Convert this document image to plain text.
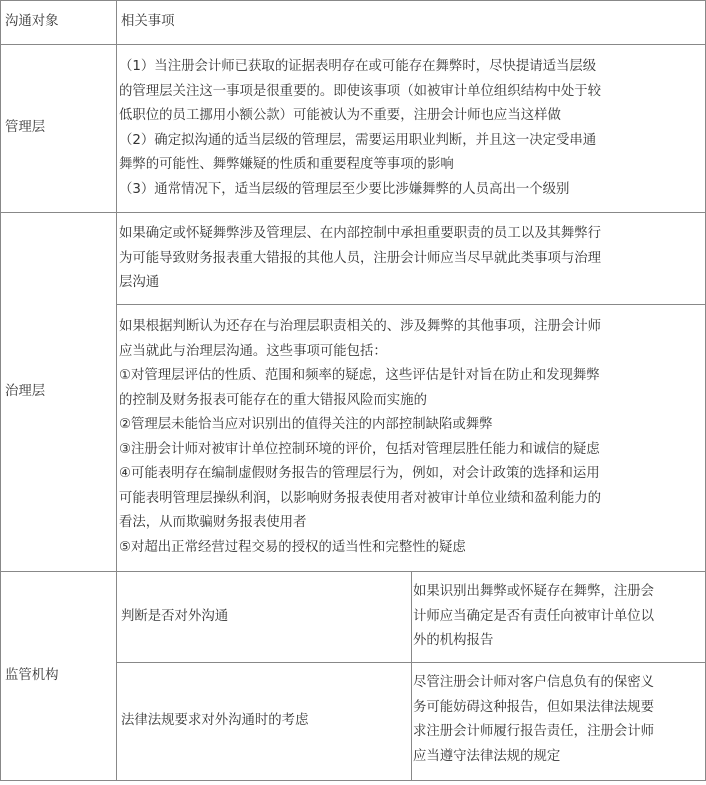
沟通对象	相关事项
管理层
（1）当注册会计师已获取的证据表明存在或可能存在舞弊时，尽快提请适当层级
的管理层关注这一事项是很重要的。即使该事项（如被审计单位组织结构中处于较
低职位的员工挪用小额公款）可能被认为不重要，注册会计师也应当这样做
（2）确定拟沟通的适当层级的管理层，需要运用职业判断，并且这一决定受串通
舞弊的可能性、舞弊嫌疑的性质和重要程度等事项的影响
（3）通常情况下，适当层级的管理层至少要比涉嫌舞弊的人员高出一个级别
治理层
如果确定或怀疑舞弊涉及管理层、在内部控制中承担重要职责的员工以及其舞弊行
为可能导致财务报表重大错报的其他人员，注册会计师应当尽早就此类事项与治理
层沟通
如果根据判断认为还存在与治理层职责相关的、涉及舞弊的其他事项，注册会计师
应当就此与治理层沟通。这些事项可能包括：
①对管理层评估的性质、范围和频率的疑虑，这些评估是针对旨在防止和发现舞弊
的控制及财务报表可能存在的重大错报风险而实施的
②管理层未能恰当应对识别出的值得关注的内部控制缺陷或舞弊
③注册会计师对被审计单位控制环境的评价，包括对管理层胜任能力和诚信的疑虑
④可能表明存在编制虚假财务报告的管理层行为，例如，对会计政策的选择和运用
可能表明管理层操纵利润，以影响财务报表使用者对被审计单位业绩和盈利能力的
看法，从而欺骗财务报表使用者
⑤对超出正常经营过程交易的授权的适当性和完整性的疑虑
监管机构
判断是否对外沟通
如果识别出舞弊或怀疑存在舞弊，注册会
计师应当确定是否有责任向被审计单位以
外的机构报告
法律法规要求对外沟通时的考虑
尽管注册会计师对客户信息负有的保密义
务可能妨碍这种报告，但如果法律法规要
求注册会计师履行报告责任，注册会计师
应当遵守法律法规的规定
